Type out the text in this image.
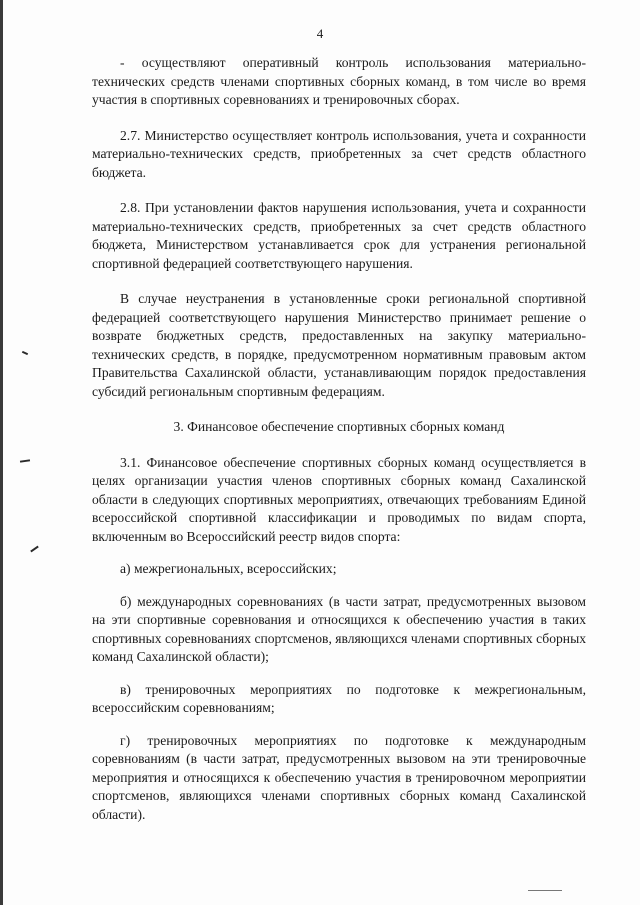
4

- осуществляют оперативный контроль использования материально-технических средств членами спортивных сборных команд, в том числе во время участия в спортивных соревнованиях и тренировочных сборах.

2.7. Министерство осуществляет контроль использования, учета и сохранности материально-технических средств, приобретенных за счет средств областного бюджета.

2.8. При установлении фактов нарушения использования, учета и сохранности материально-технических средств, приобретенных за счет средств областного бюджета, Министерством устанавливается срок для устранения региональной спортивной федерацией соответствующего нарушения.

В случае неустранения в установленные сроки региональной спортивной федерацией соответствующего нарушения Министерство принимает решение о возврате бюджетных средств, предоставленных на закупку материально-технических средств, в порядке, предусмотренном нормативным правовым актом Правительства Сахалинской области, устанавливающим порядок предоставления субсидий региональным спортивным федерациям.

3. Финансовое обеспечение спортивных сборных команд

3.1. Финансовое обеспечение спортивных сборных команд осуществляется в целях организации участия членов спортивных сборных команд Сахалинской области в следующих спортивных мероприятиях, отвечающих требованиям Единой всероссийской спортивной классификации и проводимых по видам спорта, включенным во Всероссийский реестр видов спорта:

а) межрегиональных, всероссийских;

б) международных соревнованиях (в части затрат, предусмотренных вызовом на эти спортивные соревнования и относящихся к обеспечению участия в таких спортивных соревнованиях спортсменов, являющихся членами спортивных сборных команд Сахалинской области);

в) тренировочных мероприятиях по подготовке к межрегиональным, всероссийским соревнованиям;

г) тренировочных мероприятиях по подготовке к международным соревнованиям (в части затрат, предусмотренных вызовом на эти тренировочные мероприятия и относящихся к обеспечению участия в тренировочном мероприятии спортсменов, являющихся членами спортивных сборных команд Сахалинской области).
